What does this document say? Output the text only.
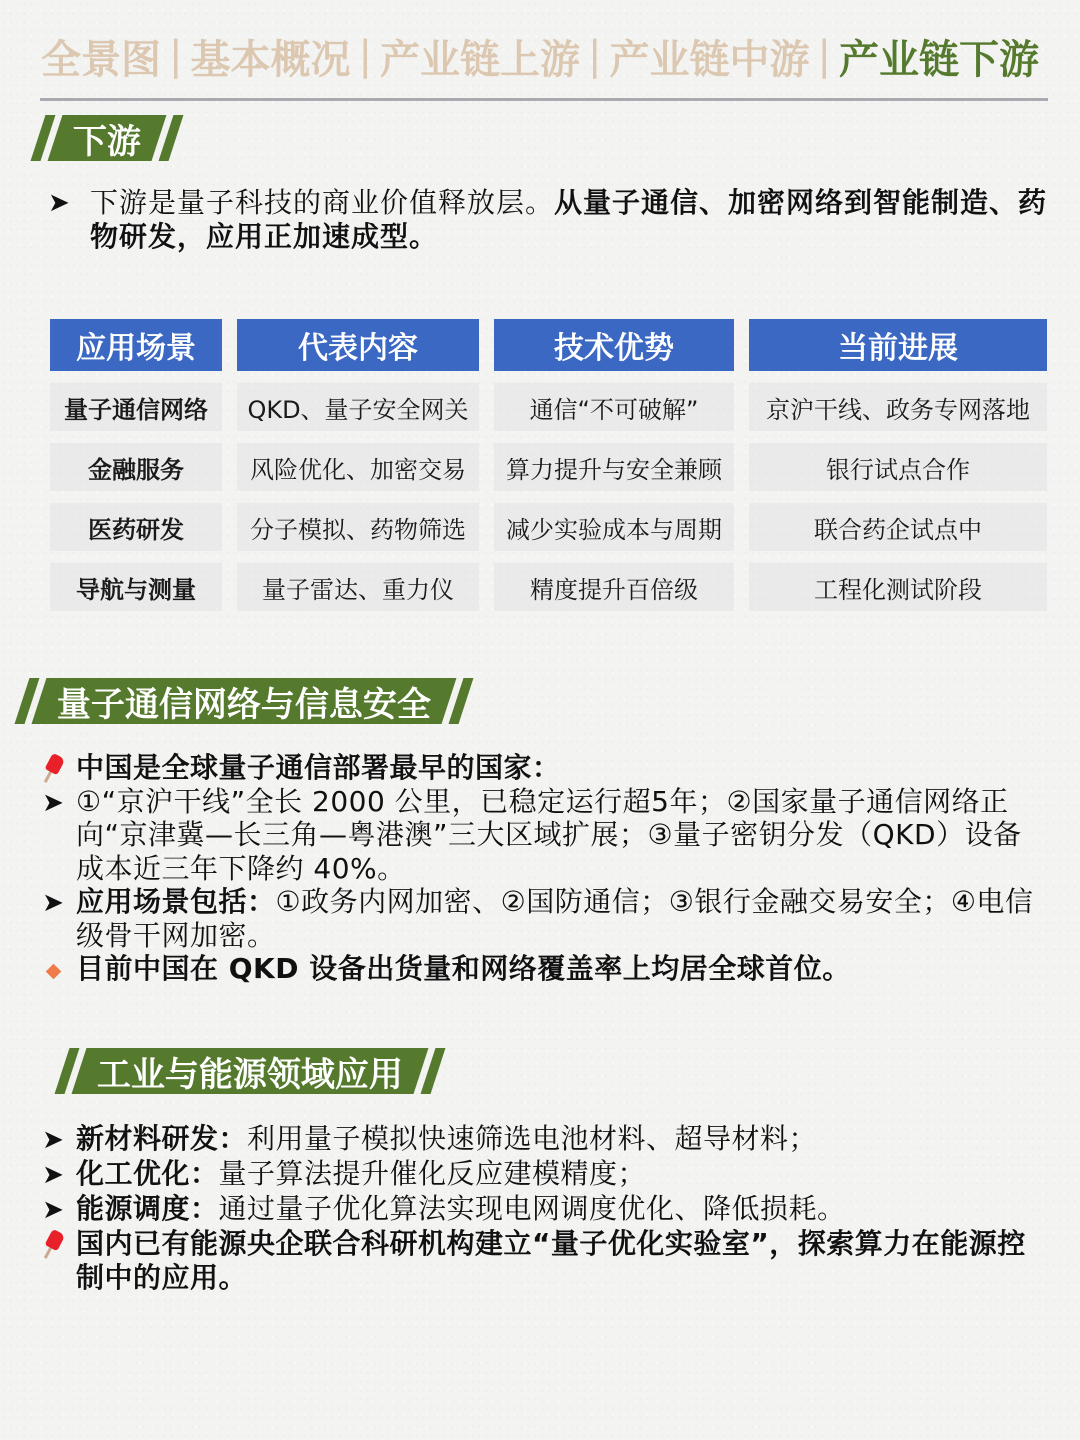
全景图 | 基本概况 | 产业链上游 | 产业链中游 | 产业链下游
下游
➤ 下游是量子科技的商业价值释放层。从量子通信、加密网络到智能制造、药物研发，应用正加速成型。
应用场景	代表内容	技术优势	当前进展
量子通信网络	QKD、量子安全网关	通信“不可破解”	京沪干线、政务专网落地
金融服务	风险优化、加密交易	算力提升与安全兼顾	银行试点合作
医药研发	分子模拟、药物筛选	减少实验成本与周期	联合药企试点中
导航与测量	量子雷达、重力仪	精度提升百倍级	工程化测试阶段
量子通信网络与信息安全
中国是全球量子通信部署最早的国家：
➤ ①“京沪干线”全长 2000 公里，已稳定运行超5年；②国家量子通信网络正向“京津冀—长三角—粤港澳”三大区域扩展；③量子密钥分发（QKD）设备成本近三年下降约 40%。
➤ 应用场景包括：①政务内网加密、②国防通信；③银行金融交易安全；④电信级骨干网加密。
目前中国在 QKD 设备出货量和网络覆盖率上均居全球首位。
工业与能源领域应用
➤ 新材料研发：利用量子模拟快速筛选电池材料、超导材料；
➤ 化工优化：量子算法提升催化反应建模精度；
➤ 能源调度：通过量子优化算法实现电网调度优化、降低损耗。
国内已有能源央企联合科研机构建立“量子优化实验室”，探索算力在能源控制中的应用。
